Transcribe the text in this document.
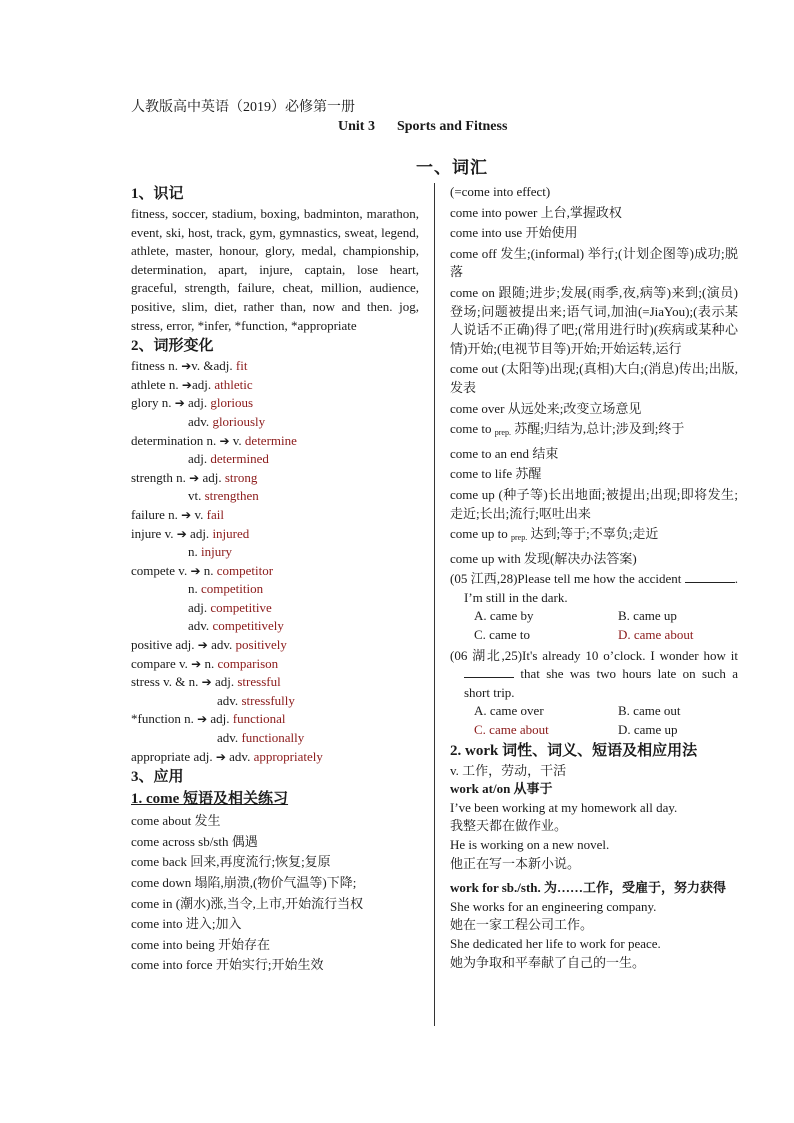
人教版高中英语（2019）必修第一册
Unit 3 Sports and Fitness
一、词汇
1、识记
fitness, soccer, stadium, boxing, badminton, marathon, event, ski, host, track, gym, gymnastics, sweat, legend, athlete, master, honour, glory, medal, championship, determination, apart, injure, captain, lose heart, graceful, strength, failure, cheat, million, audience, positive, slim, diet, rather than, now and then. jog, stress, error, *infer, *function, *appropriate
2、词形变化
fitness n. ➔v. &adj. fit
athlete n. ➔adj. athletic
glory n. ➔ adj. glorious
adv. gloriously
determination n. ➔ v. determine
adj. determined
strength n. ➔ adj. strong
vt. strengthen
failure n. ➔ v. fail
injure v. ➔ adj. injured
n. injury
compete v. ➔ n. competitor
n. competition
adj. competitive
adv. competitively
positive adj. ➔ adv. positively
compare v. ➔ n. comparison
stress v. & n. ➔ adj. stressful
adv. stressfully
*function n. ➔ adj. functional
adv. functionally
appropriate adj. ➔ adv. appropriately
3、应用
1. come 短语及相关练习
come about 发生
come across sb/sth 偶遇
come back 回来,再度流行;恢复;复原
come down 塌陷,崩溃,(物价气温等)下降;
come in (潮水)涨,当令,上市,开始流行当权
come into 进入;加入
come into being 开始存在
come into force 开始实行;开始生效
(=come into effect)
come into power 上台,掌握政权
come into use 开始使用
come off 发生;(informal) 举行;(计划企图等)成功;脱落
come on 跟随;进步;发展(雨季,夜,病等)来到;(演员)登场;问题被提出来;语气词,加油(=JiaYou);(表示某人说话不正确)得了吧;(常用进行时)(疾病或某种心情)开始;(电视节目等)开始;开始运转,运行
come out (太阳等)出现;(真相)大白;(消息)传出;出版,发表
come over 从远处来;改变立场意见
come to $_{prep.}$ 苏醒;归结为,总计;涉及到;终于
come to an end 结束
come to life 苏醒
come up (种子等)长出地面;被提出;出现;即将发生;走近;长出;流行;呕吐出来
come up to $_{prep.}$ 达到;等于;不辜负;走近
come up with 发现(解决办法答案)
(05 江西,28)Please tell me how the accident	. I’m still in the dark.
A. came by	B. came up
C. came to	D. came about
(06 湖北,25)It's already 10 o’clock. I wonder how it  that she was two hours late on such a short trip.
A. came over	B. came out
C. came about	D. came up
2. work 词性、词义、短语及相应用法
v. 工作，劳动，干活
work at/on 从事于
I’ve been working at my homework all day.
我整天都在做作业。
He is working on a new novel.
他正在写一本新小说。
work for sb./sth. 为……工作，受雇于，努力获得
She works for an engineering company.
她在一家工程公司工作。
She dedicated her life to work for peace.
她为争取和平奉献了自己的一生。
